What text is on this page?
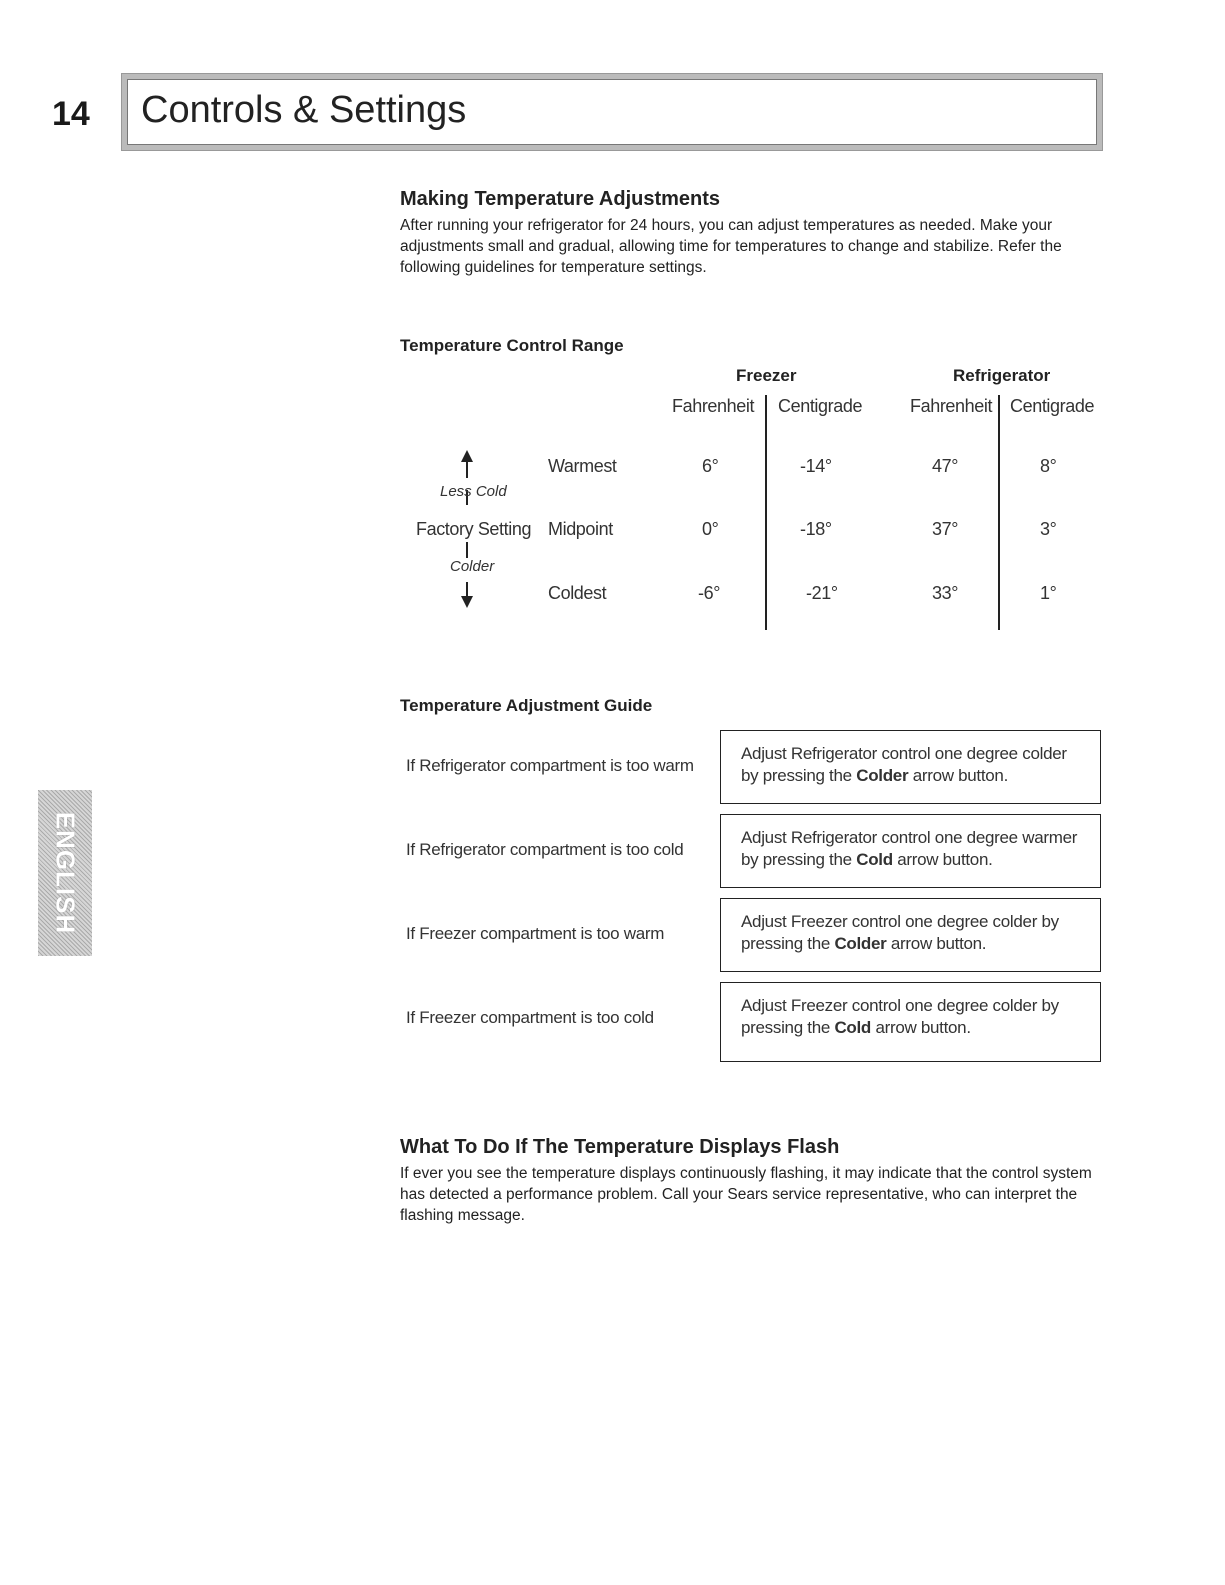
14 Controls & Settings
ENGLISH
Making Temperature Adjustments

After running your refrigerator for 24 hours, you can adjust temperatures as needed. Make your adjustments small and gradual, allowing time for temperatures to change and stabilize. Refer the following guidelines for temperature settings.

Temperature Control Range
Freezer	Refrigerator
Fahrenheit Centigrade	Fahrenheit Centigrade
Less Cold
Colder
Factory Setting
Warmest	6°	-14°	47°	8°
Midpoint	0°	-18°	37°	3°
Coldest	-6°	-21°	33°	1°
Temperature Adjustment Guide
If Refrigerator compartment is too warm
Adjust Refrigerator control one degree colder by pressing the Colder arrow button.
If Refrigerator compartment is too cold
Adjust Refrigerator control one degree warmer by pressing the Cold arrow button.
If Freezer compartment is too warm
Adjust Freezer control one degree colder by pressing the Colder arrow button.
If Freezer compartment is too cold
Adjust Freezer control one degree colder by pressing the Cold arrow button.
What To Do If The Temperature Displays Flash

If ever you see the temperature displays continuously flashing, it may indicate that the control system has detected a performance problem. Call your Sears service representative, who can interpret the flashing message.
